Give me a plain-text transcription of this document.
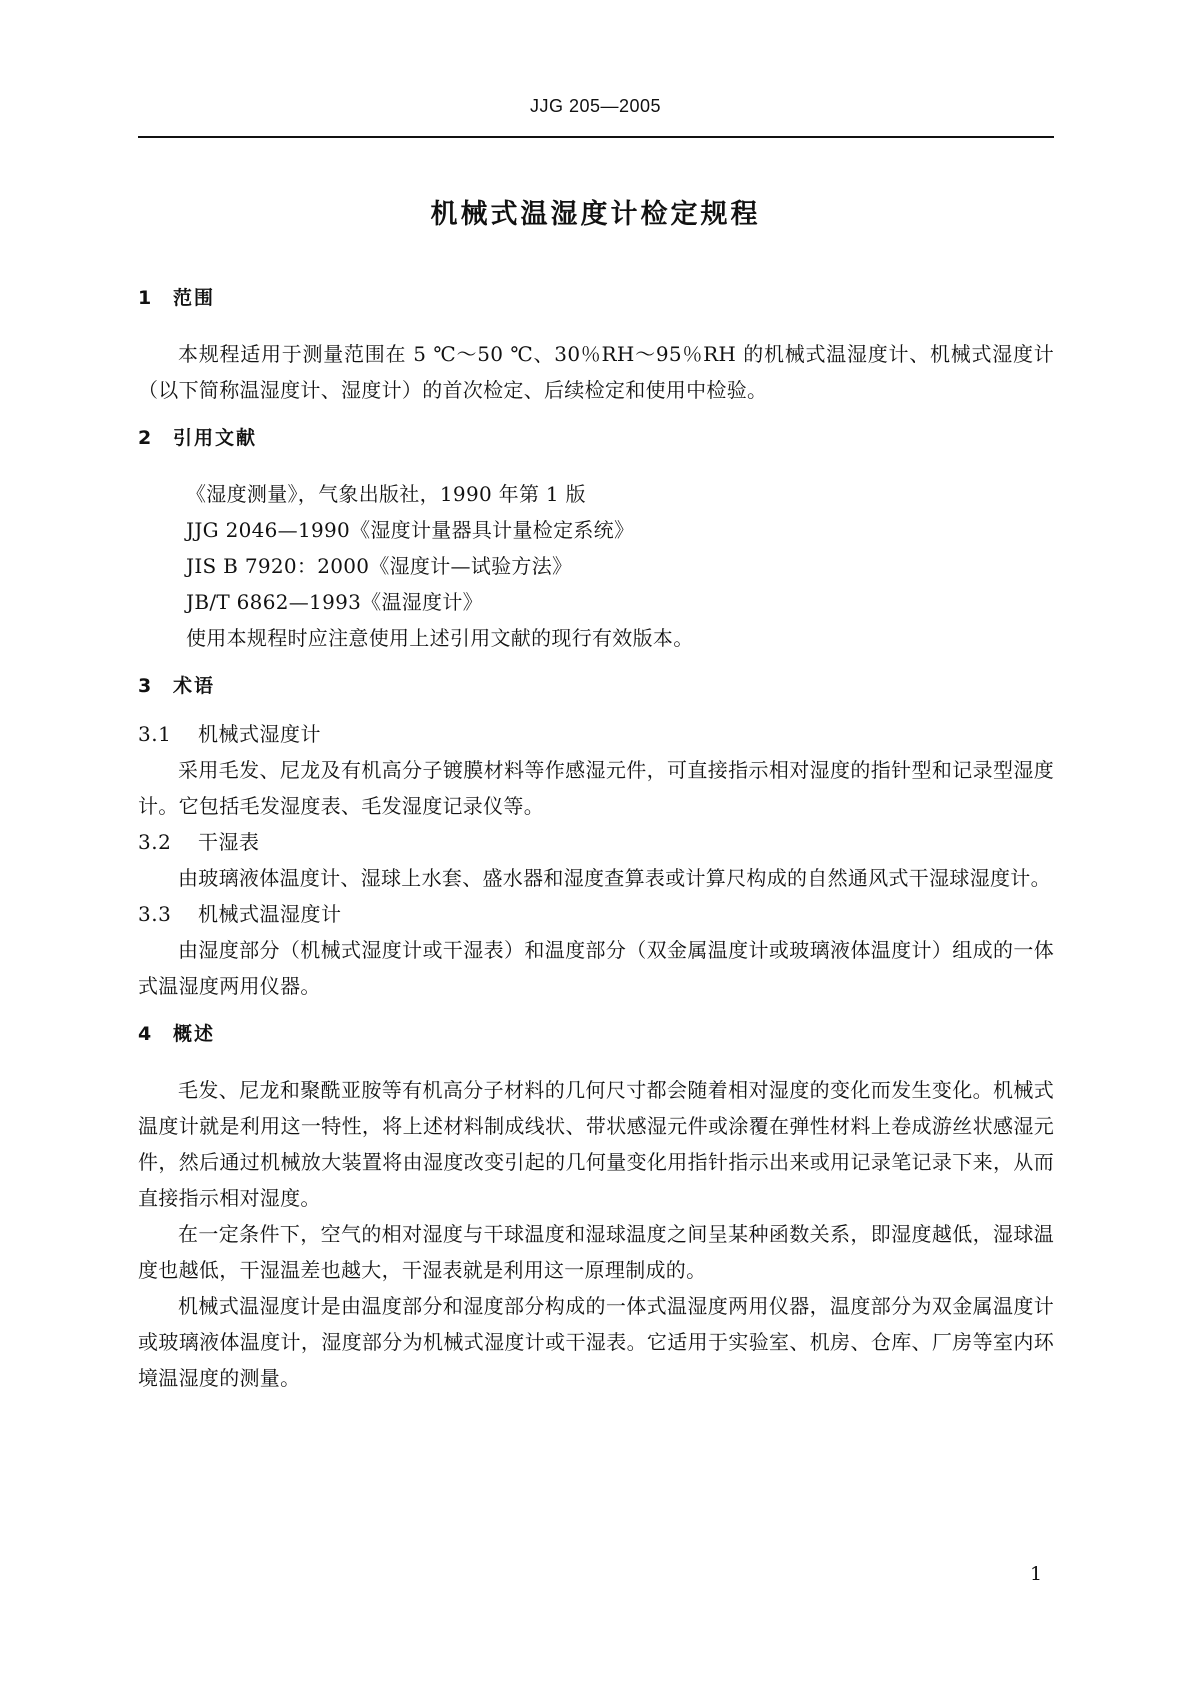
JJG 205—2005
机械式温湿度计检定规程
1 范围
本规程适用于测量范围在 5 ℃～50 ℃、30％RH～95％RH 的机械式温湿度计、机械式湿度计（以下简称温湿度计、湿度计）的首次检定、后续检定和使用中检验。
2 引用文献
《湿度测量》，气象出版社，1990 年第 1 版
JJG 2046—1990《湿度计量器具计量检定系统》
JIS B 7920：2000《湿度计—试验方法》
JB/T 6862—1993《温湿度计》
使用本规程时应注意使用上述引用文献的现行有效版本。
3 术语
3.1 机械式湿度计
采用毛发、尼龙及有机高分子镀膜材料等作感湿元件，可直接指示相对湿度的指针型和记录型湿度计。它包括毛发湿度表、毛发湿度记录仪等。
3.2 干湿表
由玻璃液体温度计、湿球上水套、盛水器和湿度查算表或计算尺构成的自然通风式干湿球湿度计。
3.3 机械式温湿度计
由湿度部分（机械式湿度计或干湿表）和温度部分（双金属温度计或玻璃液体温度计）组成的一体式温湿度两用仪器。
4 概述
毛发、尼龙和聚酰亚胺等有机高分子材料的几何尺寸都会随着相对湿度的变化而发生变化。机械式温度计就是利用这一特性，将上述材料制成线状、带状感湿元件或涂覆在弹性材料上卷成游丝状感湿元件，然后通过机械放大装置将由湿度改变引起的几何量变化用指针指示出来或用记录笔记录下来，从而直接指示相对湿度。
在一定条件下，空气的相对湿度与干球温度和湿球温度之间呈某种函数关系，即湿度越低，湿球温度也越低，干湿温差也越大，干湿表就是利用这一原理制成的。
机械式温湿度计是由温度部分和湿度部分构成的一体式温湿度两用仪器，温度部分为双金属温度计或玻璃液体温度计，湿度部分为机械式湿度计或干湿表。它适用于实验室、机房、仓库、厂房等室内环境温湿度的测量。
1
